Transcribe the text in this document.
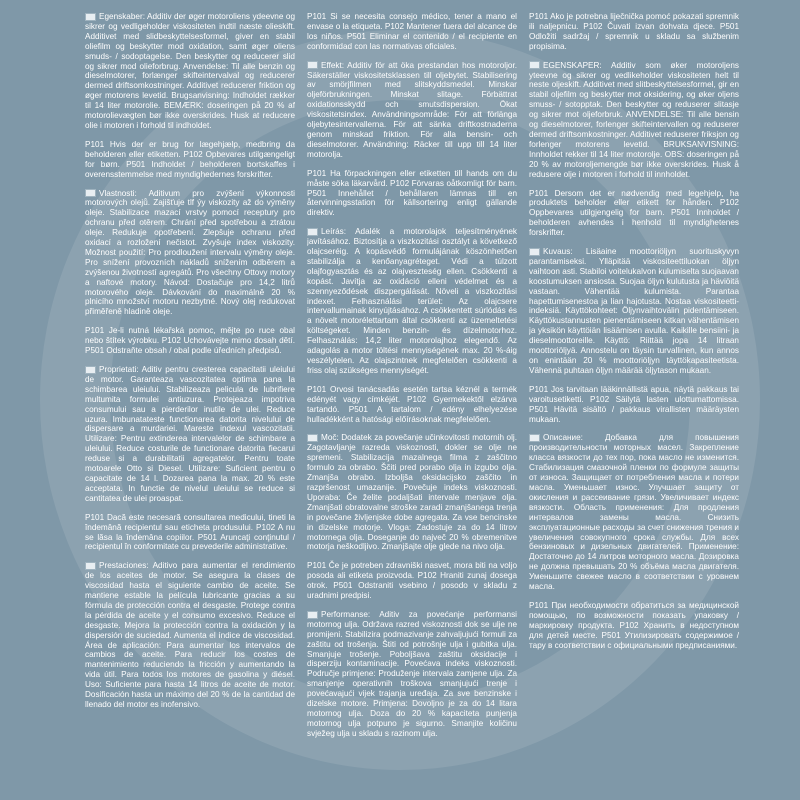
Egenskaber: Additiv der øger motoroliens ydeevne og sikrer og vedligeholder viskositeten indtil næste olieskift. Additivet med slidbeskyttelsesformel, giver en stabil oliefilm og beskytter mod oxidation, samt øger oliens smuds- / sodoptagelse. Den beskytter og reducerer slid og sikrer mod olieforbrug. Anvendelse: Til alle benzin og dieselmotorer, forlænger skifteintervalval og reducerer dermed driftsomkostninger. Additivet reducerer friktion og øger motorens levetid. Brugsanvisning: Indholdet rækker til 14 liter motorolie. BEMÆRK: doseringen på 20 % af motorolievægten bør ikke overskrides. Husk at reducere olie i motoren i forhold til indholdet.

P101 Hvis der er brug for lægehjælp, medbring da beholderen eller etiketten. P102 Opbevares utilgængeligt for børn. P501 Indholdet / beholderen bortskaffes i overensstemmelse med myndighedernes forskrifter.

Vlastnosti: Aditivum pro zvýšení výkonnosti motorových olejů. Zajišťuje tlf ýy viskozity až do výměny oleje. Stabilizace mazací vrstvy pomocí receptury pro ochranu před otěrem. Chrání před spotřebou a ztrátou oleje. Redukuje opotřebení. Zlepšuje ochranu před oxidací a rozložení nečistot. Zvyšuje index viskozity. Možnost použití: Pro prodloužení intervalu výměny oleje. Pro snížení provozních nákladů snížením odběrem a zvýšenou životností agregátů. Pro všechny Ottovy motory a naftové motory. Návod: Dostačuje pro 14,2 litrů motorového oleje. Dávkování do maximálně 20 % plnicího množství motoru nezbytné. Nový olej redukovat přiměřeně hladině oleje.

P101 Je-li nutná lékařská pomoc, mějte po ruce obal nebo štítek výrobku. P102 Uchovávejte mimo dosah dětí. P501 Odstraňte obsah / obal podle úředních předpisů.

Proprietati: Aditiv pentru cresterea capacitatii uleiului de motor. Garanteaza vascozitatea optima pana la schimbarea uleiului. Stabilizeaza pelicula de lubrifiere multumita formulei antiuzura. Protejeaza impotriva consumului sau a pierderilor inutile de ulei. Reduce uzura. Imbunatateste functionarea datorita nivelului de dispersare a murdariei. Mareste indexul vascozitatii. Utilizare: Pentru extinderea intervalelor de schimbare a uleiului. Reduce costurile de functionare datorita fiecarui reduse si a durabilitatii agregatelor. Pentru toate motoarele Otto si Diesel. Utilizare: Suficient pentru o capacitate de 14 l. Dozarea pana la max. 20 % este acceptata. In functie de nivelul uleiului se reduce si cantitatea de ulei proaspat.

P101 Dacă este necesară consultarea medicului, tineti la îndemână recipientul sau eticheta produsului. P102 A nu se lăsa la îndemâna copiilor. P501 Aruncaţi conţinutul / recipientul în conformitate cu prevederile administrative.

Prestaciones: Aditivo para aumentar el rendimiento de los aceites de motor. Se asegura la clases de viscosidad hasta el siguiente cambio de aceite. Se mantiene estable la película lubricante gracias a su fórmula de protección contra el desgaste. Protege contra la pérdida de aceite y el consumo excesivo. Reduce el desgaste. Mejora la protección contra la oxidación y la dispersión de suciedad. Aumenta el índice de viscosidad. Área de aplicación: Para aumentar los intervalos de cambios de aceite. Para reducir los costes de mantenimiento reduciendo la fricción y aumentando la vida útil. Para todos los motores de gasolina y diésel. Uso: Suficiente para hasta 14 litros de aceite de motor. Dosificación hasta un máximo del 20 % de la cantidad de llenado del motor es inofensivo.

P101 Si se necesita consejo médico, tener a mano el envase o la etiqueta. P102 Mantener fuera del alcance de los niños. P501 Eliminar el contenido / el recipiente en conformidad con las normativas oficiales.

Effekt: Additiv för att öka prestandan hos motoroljor. Säkerställer viskositetsklassen till oljebytet. Stabilisering av smörjfilmen med slitskyddsmedel. Minskar oljeförbrukningen. Minskat slitage. Förbättrat oxidationsskydd och smutsdispersion. Ökat viskositetsindex. Användningsområde: För att förlänga oljebytesintervallerna. För att sänka driftkostnaderna genom minskad friktion. För alla bensin- och dieselmotorer. Användning: Räcker till upp till 14 liter motorolja.

P101 Ha förpackningen eller etiketten till hands om du måste söka läkarvård. P102 Förvaras oåtkomligt för barn. P501 Innehållet / behållaren lämnas till en återvinningsstation för källsortering enligt gällande direktiv.

Leírás: Adalék a motorolajok teljesítményének javításához. Biztosítja a viszkozitási osztályt a következő olajcseréig. A kopásvédő formulájának köszönhetően stabilizálja a kenőanyagréteget. Védi a túlzott olajfogyasztás és az olajveszteség ellen. Csökkenti a kopást. Javítja az oxidáció elleni védelmet és a szennyeződések diszpergálását. Növeli a viszkozitási indexet. Felhasználási terület: Az olajcsere intervallumainak kinyújtásához. A csökkentett súrlódás és a növelt motorélettartam által csökkenti az üzemeltetési költségeket. Minden benzin- és dízelmotorhoz. Felhasználás: 14,2 liter motorolajhoz elegendő. Az adagolás a motor töltési mennyiségének max. 20 %-áig veszélytelen. Az olajszintnek megfelelően csökkenti a friss olaj szükséges mennyiségét.

P101 Orvosi tanácsadás esetén tartsa kéznél a termék edényét vagy címkéjét. P102 Gyermekektől elzárva tartandó. P501 A tartalom / edény elhelyezése hulladékként a hatósági előírásoknak megfelelően.

Moč: Dodatek za povečanje učinkovitosti motornih olj. Zagotavljanje razreda viskoznosti, dokler se olje ne spremeni. Stabilizacija mazalnega filma z zaščitno formulo za obrabo. Ščiti pred porabo olja in izgubo olja. Zmanjša obrabo. Izboljša oksidacijsko zaščito in razpršenost umazanije. Povečuje indeks viskoznosti. Uporaba: Če želite podaljšati intervale menjave olja. Zmanjšati obratovalne stroške zaradi zmanjšanega trenja in povečane življenjske dobe agregata. Za vse bencinske in dizelske motorje. Vloga: Zadostuje za do 14 litrov motornega olja. Doseganje do največ 20 % obremenitve motorja neškodljivo. Zmanjšajte olje glede na nivo olja.

P101 Če je potreben zdravniški nasvet, mora biti na voljo posoda ali etiketa proizvoda. P102 Hraniti zunaj dosega otrok. P501 Odstraniti vsebino / posodo v skladu z uradnimi predpisi.

Performanse: Aditiv za povećanje performansi motornog ulja. Održava razred viskoznosti dok se ulje ne promijeni. Stabilizira podmazivanje zahvaljujući formuli za zaštitu od trošenja. Štiti od potrošnje ulja i gubitka ulja. Smanjuje trošenje. Poboljšava zaštitu oksidacije i disperziju kontaminacije. Povećava indeks viskoznosti. Područje primjene: Produženje intervala zamjene ulja. Za smanjenje operativnih troškova smanjujući trenje i povećavajući vijek trajanja uređaja. Za sve benzinske i dizelske motore. Primjena: Dovoljno je za do 14 litara motornog ulja. Doza do 20 % kapaciteta punjenja motornog ulja potpuno je sigurno. Smanjite količinu svježeg ulja u skladu s razinom ulja.

P101 Ako je potrebna liječnička pomoć pokazati spremnik ili naljepnicu. P102 Čuvati izvan dohvata djece. P501 Odložiti sadržaj / spremnik u skladu sa službenim propisima.

EGENSKAPER: Additiv som øker motoroljens yteevne og sikrer og vedlikeholder viskositeten helt til neste oljeskift. Additivet med slitbeskyttelsesformel, gir en stabil oljefilm og beskytter mot oksidering, og øker oljens smuss- / sotopptak. Den beskytter og reduserer slitasje og sikrer mot oljeforbruk. ANVENDELSE: Til alle bensin og dieselmotorer, forlenger skifteintervallen og reduserer dermed driftsomkostninger. Additivet reduserer friksjon og forlenger motorens levetid. BRUKSANVISNING: Innholdet rekker til 14 liter motorolje. OBS: doseringen på 20 % av motoroljemengde bør ikke overskrides. Husk å redusere olje i motoren i forhold til innholdet.

P101 Dersom det er nødvendig med legehjelp, ha produktets beholder eller etikett for hånden. P102 Oppbevares utilgjengelig for barn. P501 Innholdet / beholderen avhendes i henhold til myndighetenes forskrifter.

Kuvaus: Lisäaine moottoriöljyn suorituskyvyn parantamiseksi. Ylläpitää viskositeettiluokan öljyn vaihtoon asti. Stabiloi voitelukalvon kulumiselta suojaavan koostumuksen ansiosta. Suojaa öljyn kulutusta ja häviöitä vastaan. Vähentää kulumista. Parantaa hapettumisenestoa ja lian hajotusta. Nostaa viskositeetti-indeksiä. Käyttökohteet: Öljynvaihtovälin pidentämiseen. Käyttökustannusten pienentämiseen kitkan vähentämisen ja yksikön käyttöiän lisäämisen avulla. Kaikille bensiini- ja dieselmoottoreille. Käyttö: Riittää jopa 14 litraan moottoriöljyä. Annostelu on täysin turvallinen, kun annos on enintään 20 % moottoriöljyn täyttökapasiteetista. Vähennä puhtaan öljyn määrää öljytason mukaan.

P101 Jos tarvitaan lääkinnällistä apua, näytä pakkaus tai varoitusetiketti. P102 Säilytä lasten ulottumattomissa. P501 Hävitä sisältö / pakkaus virallisten määräysten mukaan.

Описание: Добавка для повышения производительности моторных масел. Закрепление класса вязкости до тех пор, пока масло не изменится. Стабилизация смазочной пленки по формуле защиты от износа. Защищает от потребления масла и потери масла. Уменьшает износ. Улучшает защиту от окисления и рассеивание грязи. Увеличивает индекс вязкости. Область применения: Для продления интервалов замены масла. Снизить эксплуатационные расходы за счет снижения трения и увеличения совокупного срока службы. Для всех бензиновых и дизельных двигателей. Применение: Достаточно до 14 литров моторного масла. Дозировка не должна превышать 20 % объёма масла двигателя. Уменьшите свежее масло в соответствии с уровнем масла.

P101 При необходимости обратиться за медицинской помощью, по возможности показать упаковку / маркировку продукта. P102 Хранить в недоступном для детей месте. P501 Утилизировать содержимое / тару в соответствии с официальными предписаниями.
